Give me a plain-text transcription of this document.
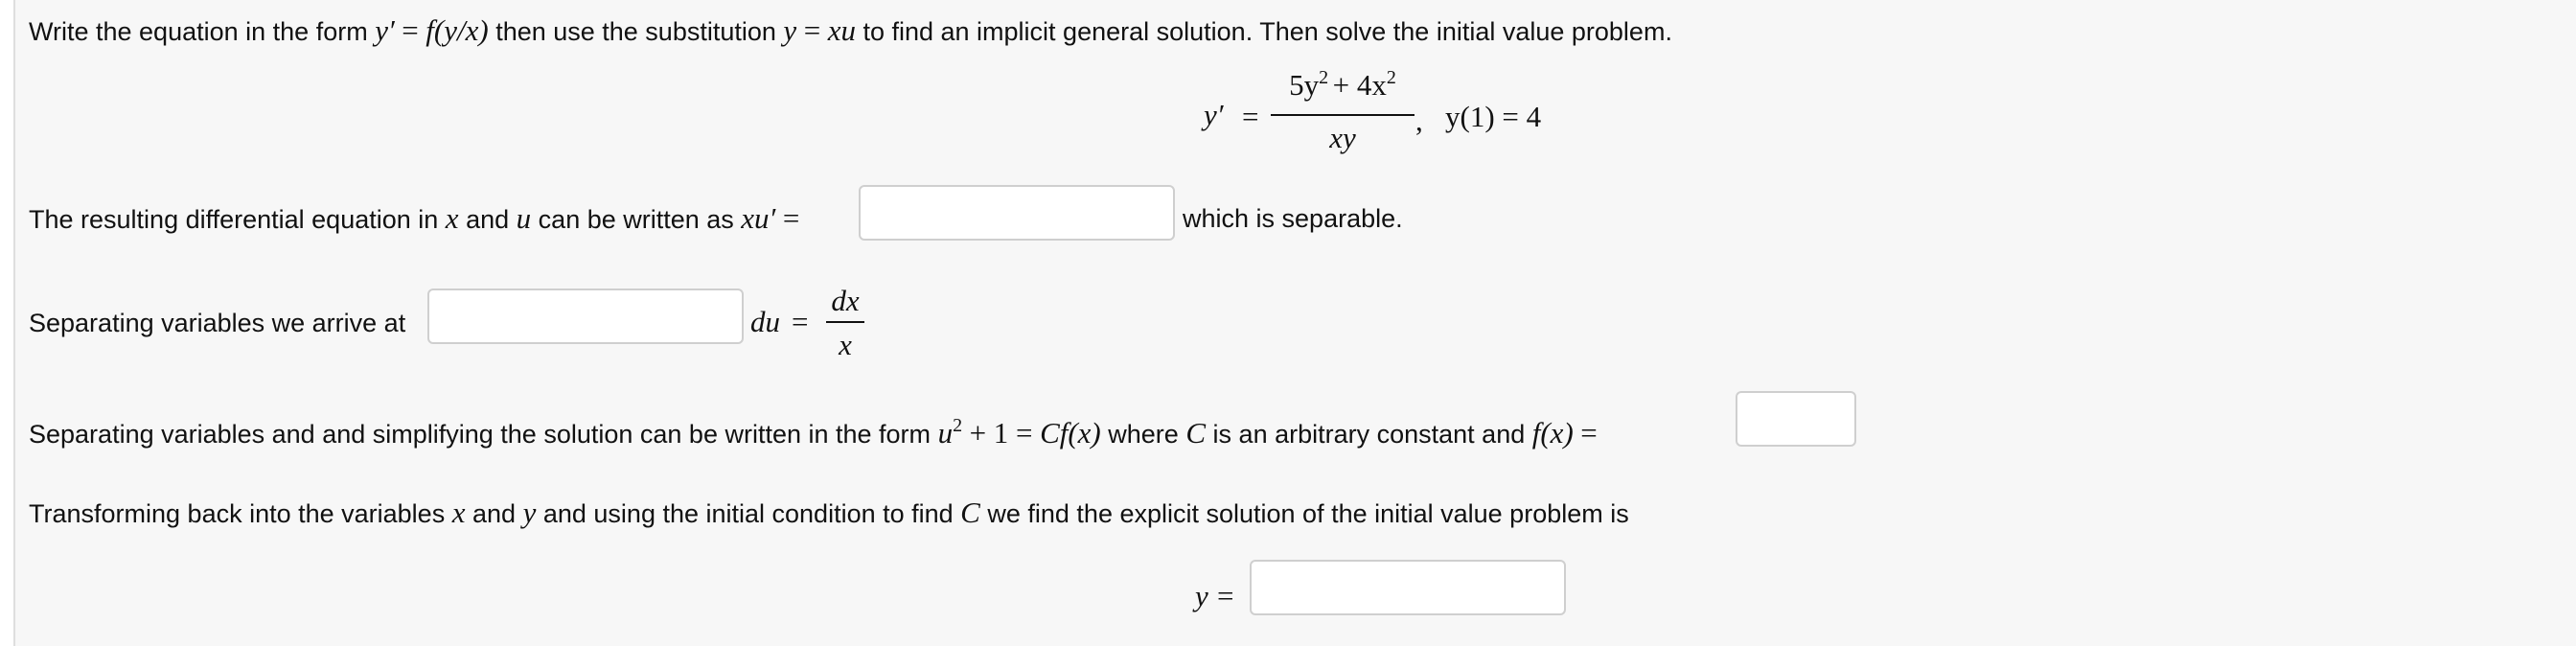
Write the equation in the form y′ = f(y/x) then use the substitution y = xu to find an implicit general solution. Then solve the initial value problem.
y′ =
5y2 + 4x2
xy
, y(1) = 4
The resulting differential equation in x and u can be written as xu′ =	which is separable.
Separating variables we arrive at	du =
dx
x
Separating variables and and simplifying the solution can be written in the form $u^2 + 1 = Cf(x)$ where C is an arbitrary constant and f(x) =
Transforming back into the variables x and y and using the initial condition to find C we find the explicit solution of the initial value problem is
y =
